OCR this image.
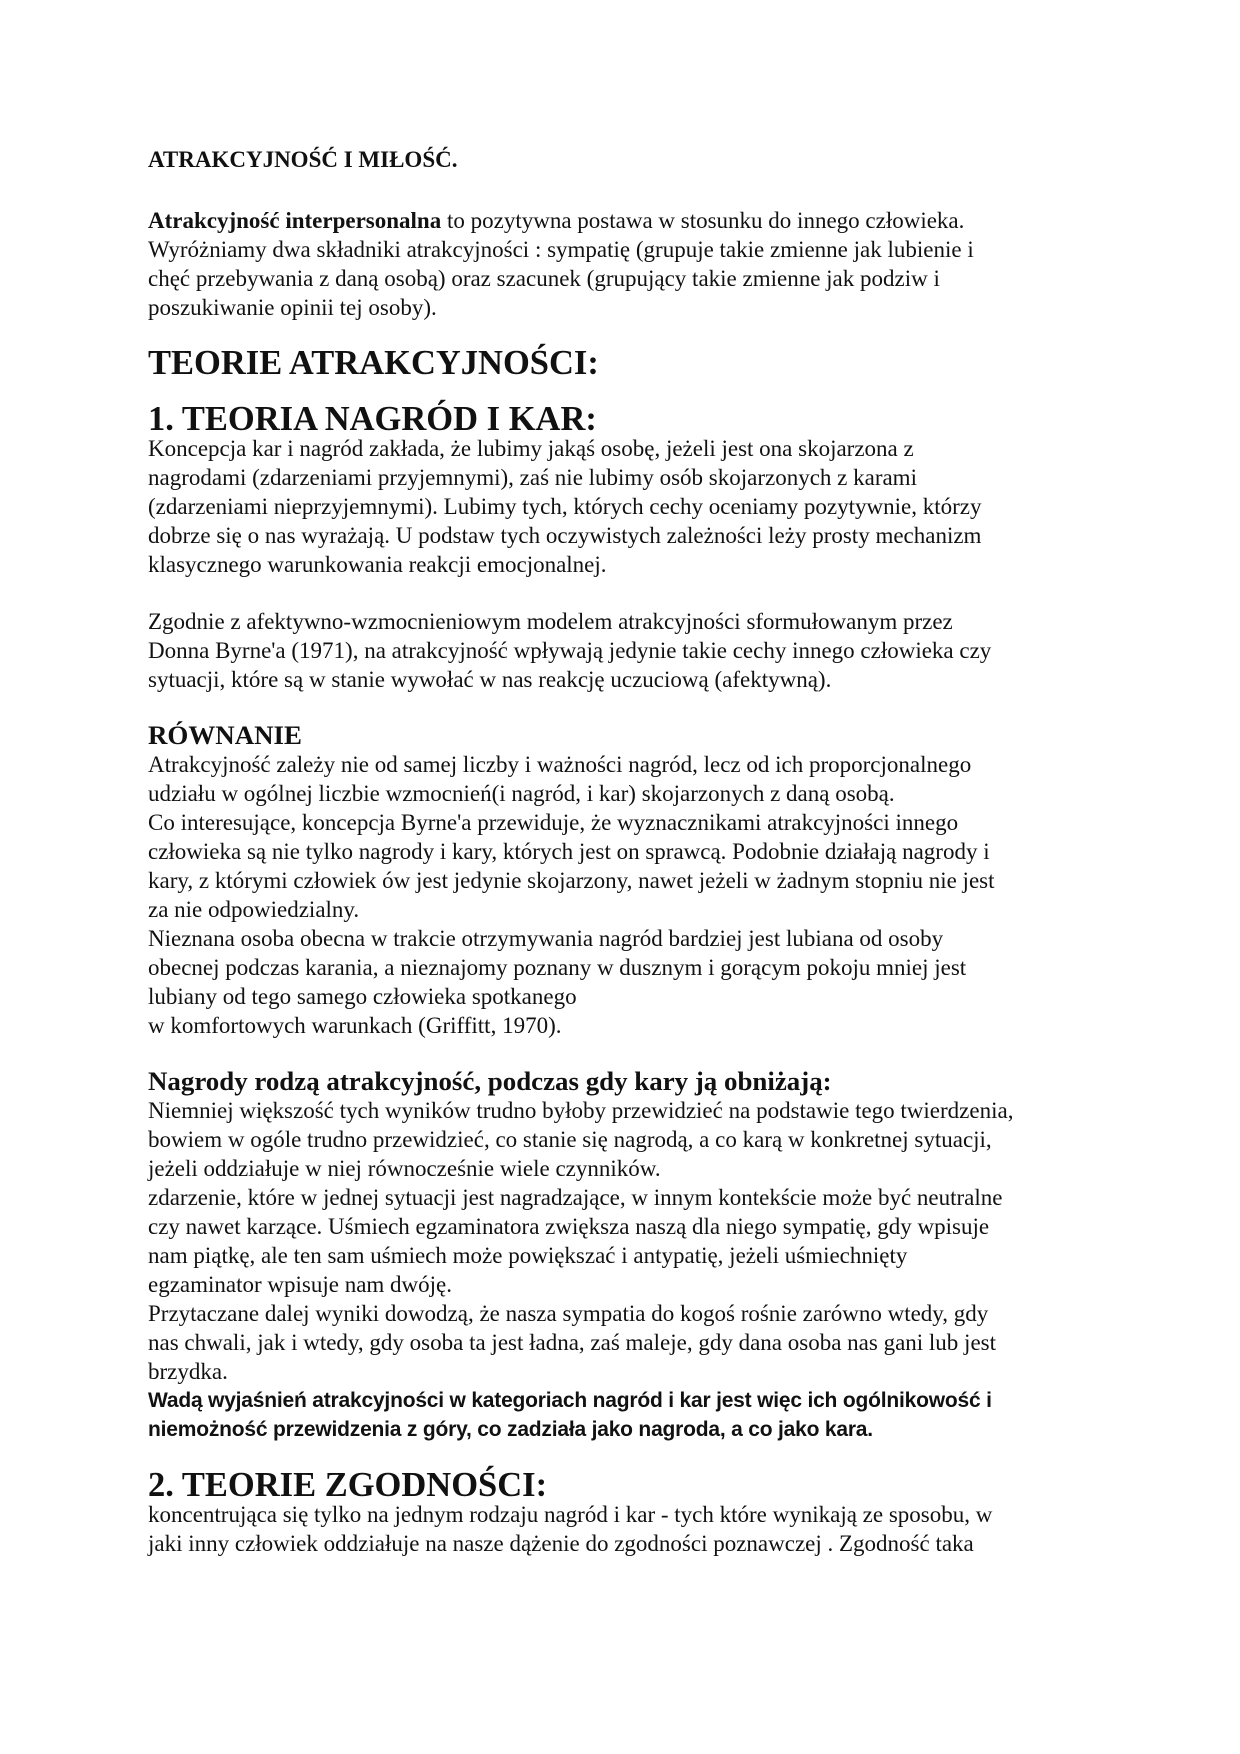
ATRAKCYJNOŚĆ I MIŁOŚĆ.
Atrakcyjność interpersonalna to pozytywna postawa w stosunku do innego człowieka.
Wyróżniamy dwa składniki atrakcyjności : sympatię (grupuje takie zmienne jak lubienie i
chęć przebywania z daną osobą) oraz szacunek (grupujący takie zmienne jak podziw i
poszukiwanie opinii tej osoby).
TEORIE ATRAKCYJNOŚCI:
1. TEORIA NAGRÓD I KAR:
Koncepcja kar i nagród zakłada, że lubimy jakąś osobę, jeżeli jest ona skojarzona z
nagrodami (zdarzeniami przyjemnymi), zaś nie lubimy osób skojarzonych z karami
(zdarzeniami nieprzyjemnymi). Lubimy tych, których cechy oceniamy pozytywnie, którzy
dobrze się o nas wyrażają. U podstaw tych oczywistych zależności leży prosty mechanizm
klasycznego warunkowania reakcji emocjonalnej.
Zgodnie z afektywno-wzmocnieniowym modelem atrakcyjności sformułowanym przez
Donna Byrne'a (1971), na atrakcyjność wpływają jedynie takie cechy innego człowieka czy
sytuacji, które są w stanie wywołać w nas reakcję uczuciową (afektywną).
RÓWNANIE
Atrakcyjność zależy nie od samej liczby i ważności nagród, lecz od ich proporcjonalnego
udziału w ogólnej liczbie wzmocnień(i nagród, i kar) skojarzonych z daną osobą.
Co interesujące, koncepcja Byrne'a przewiduje, że wyznacznikami atrakcyjności innego
człowieka są nie tylko nagrody i kary, których jest on sprawcą. Podobnie działają nagrody i
kary, z którymi człowiek ów jest jedynie skojarzony, nawet jeżeli w żadnym stopniu nie jest
za nie odpowiedzialny.
Nieznana osoba obecna w trakcie otrzymywania nagród bardziej jest lubiana od osoby
obecnej podczas karania, a nieznajomy poznany w dusznym i gorącym pokoju mniej jest
lubiany od tego samego człowieka spotkanego
w komfortowych warunkach (Griffitt, 1970).
Nagrody rodzą atrakcyjność, podczas gdy kary ją obniżają:
Niemniej większość tych wyników trudno byłoby przewidzieć na podstawie tego twierdzenia,
bowiem w ogóle trudno przewidzieć, co stanie się nagrodą, a co karą w konkretnej sytuacji,
jeżeli oddziałuje w niej równocześnie wiele czynników.
zdarzenie, które w jednej sytuacji jest nagradzające, w innym kontekście może być neutralne
czy nawet karzące. Uśmiech egzaminatora zwiększa naszą dla niego sympatię, gdy wpisuje
nam piątkę, ale ten sam uśmiech może powiększać i antypatię, jeżeli uśmiechnięty
egzaminator wpisuje nam dwóję.
Przytaczane dalej wyniki dowodzą, że nasza sympatia do kogoś rośnie zarówno wtedy, gdy
nas chwali, jak i wtedy, gdy osoba ta jest ładna, zaś maleje, gdy dana osoba nas gani lub jest
brzydka.
Wadą wyjaśnień atrakcyjności w kategoriach nagród i kar jest więc ich ogólnikowość i
niemożność przewidzenia z góry, co zadziała jako nagroda, a co jako kara.
2. TEORIE ZGODNOŚCI:
koncentrująca się tylko na jednym rodzaju nagród i kar - tych które wynikają ze sposobu, w
jaki inny człowiek oddziałuje na nasze dążenie do zgodności poznawczej . Zgodność taka
